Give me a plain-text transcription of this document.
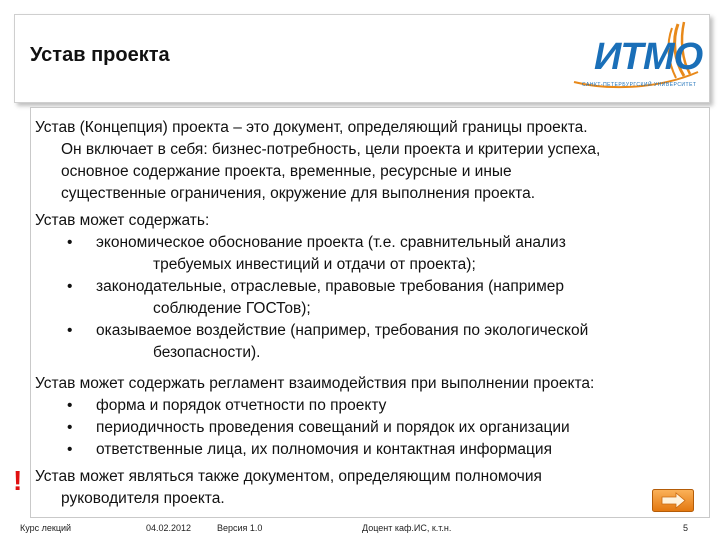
Устав проекта	ИТМО
САНКТ-ПЕТЕРБУРГСКИЙ УНИВЕРСИТЕТ
Устав (Концепция) проекта – это документ, определяющий границы проекта.
Он включает в себя: бизнес-потребность, цели проекта и критерии успеха,
основное содержание проекта, временные, ресурсные и иные
существенные ограничения, окружение для выполнения проекта.
Устав может содержать:
• экономическое обоснование проекта (т.е. сравнительный анализ
требуемых инвестиций и отдачи от проекта);
• законодательные, отраслевые, правовые требования (например
соблюдение ГОСТов);
• оказываемое воздействие (например, требования по экологической
безопасности).
Устав может содержать регламент взаимодействия при выполнении проекта:
• форма и порядок отчетности по проекту
• периодичность проведения совещаний и порядок их организации
• ответственные лица, их полномочия и контактная информация
! Устав может являться также документом, определяющим полномочия
руководителя проекта.
Курс лекций	04.02.2012	Версия 1.0	Доцент каф.ИС, к.т.н.	5
